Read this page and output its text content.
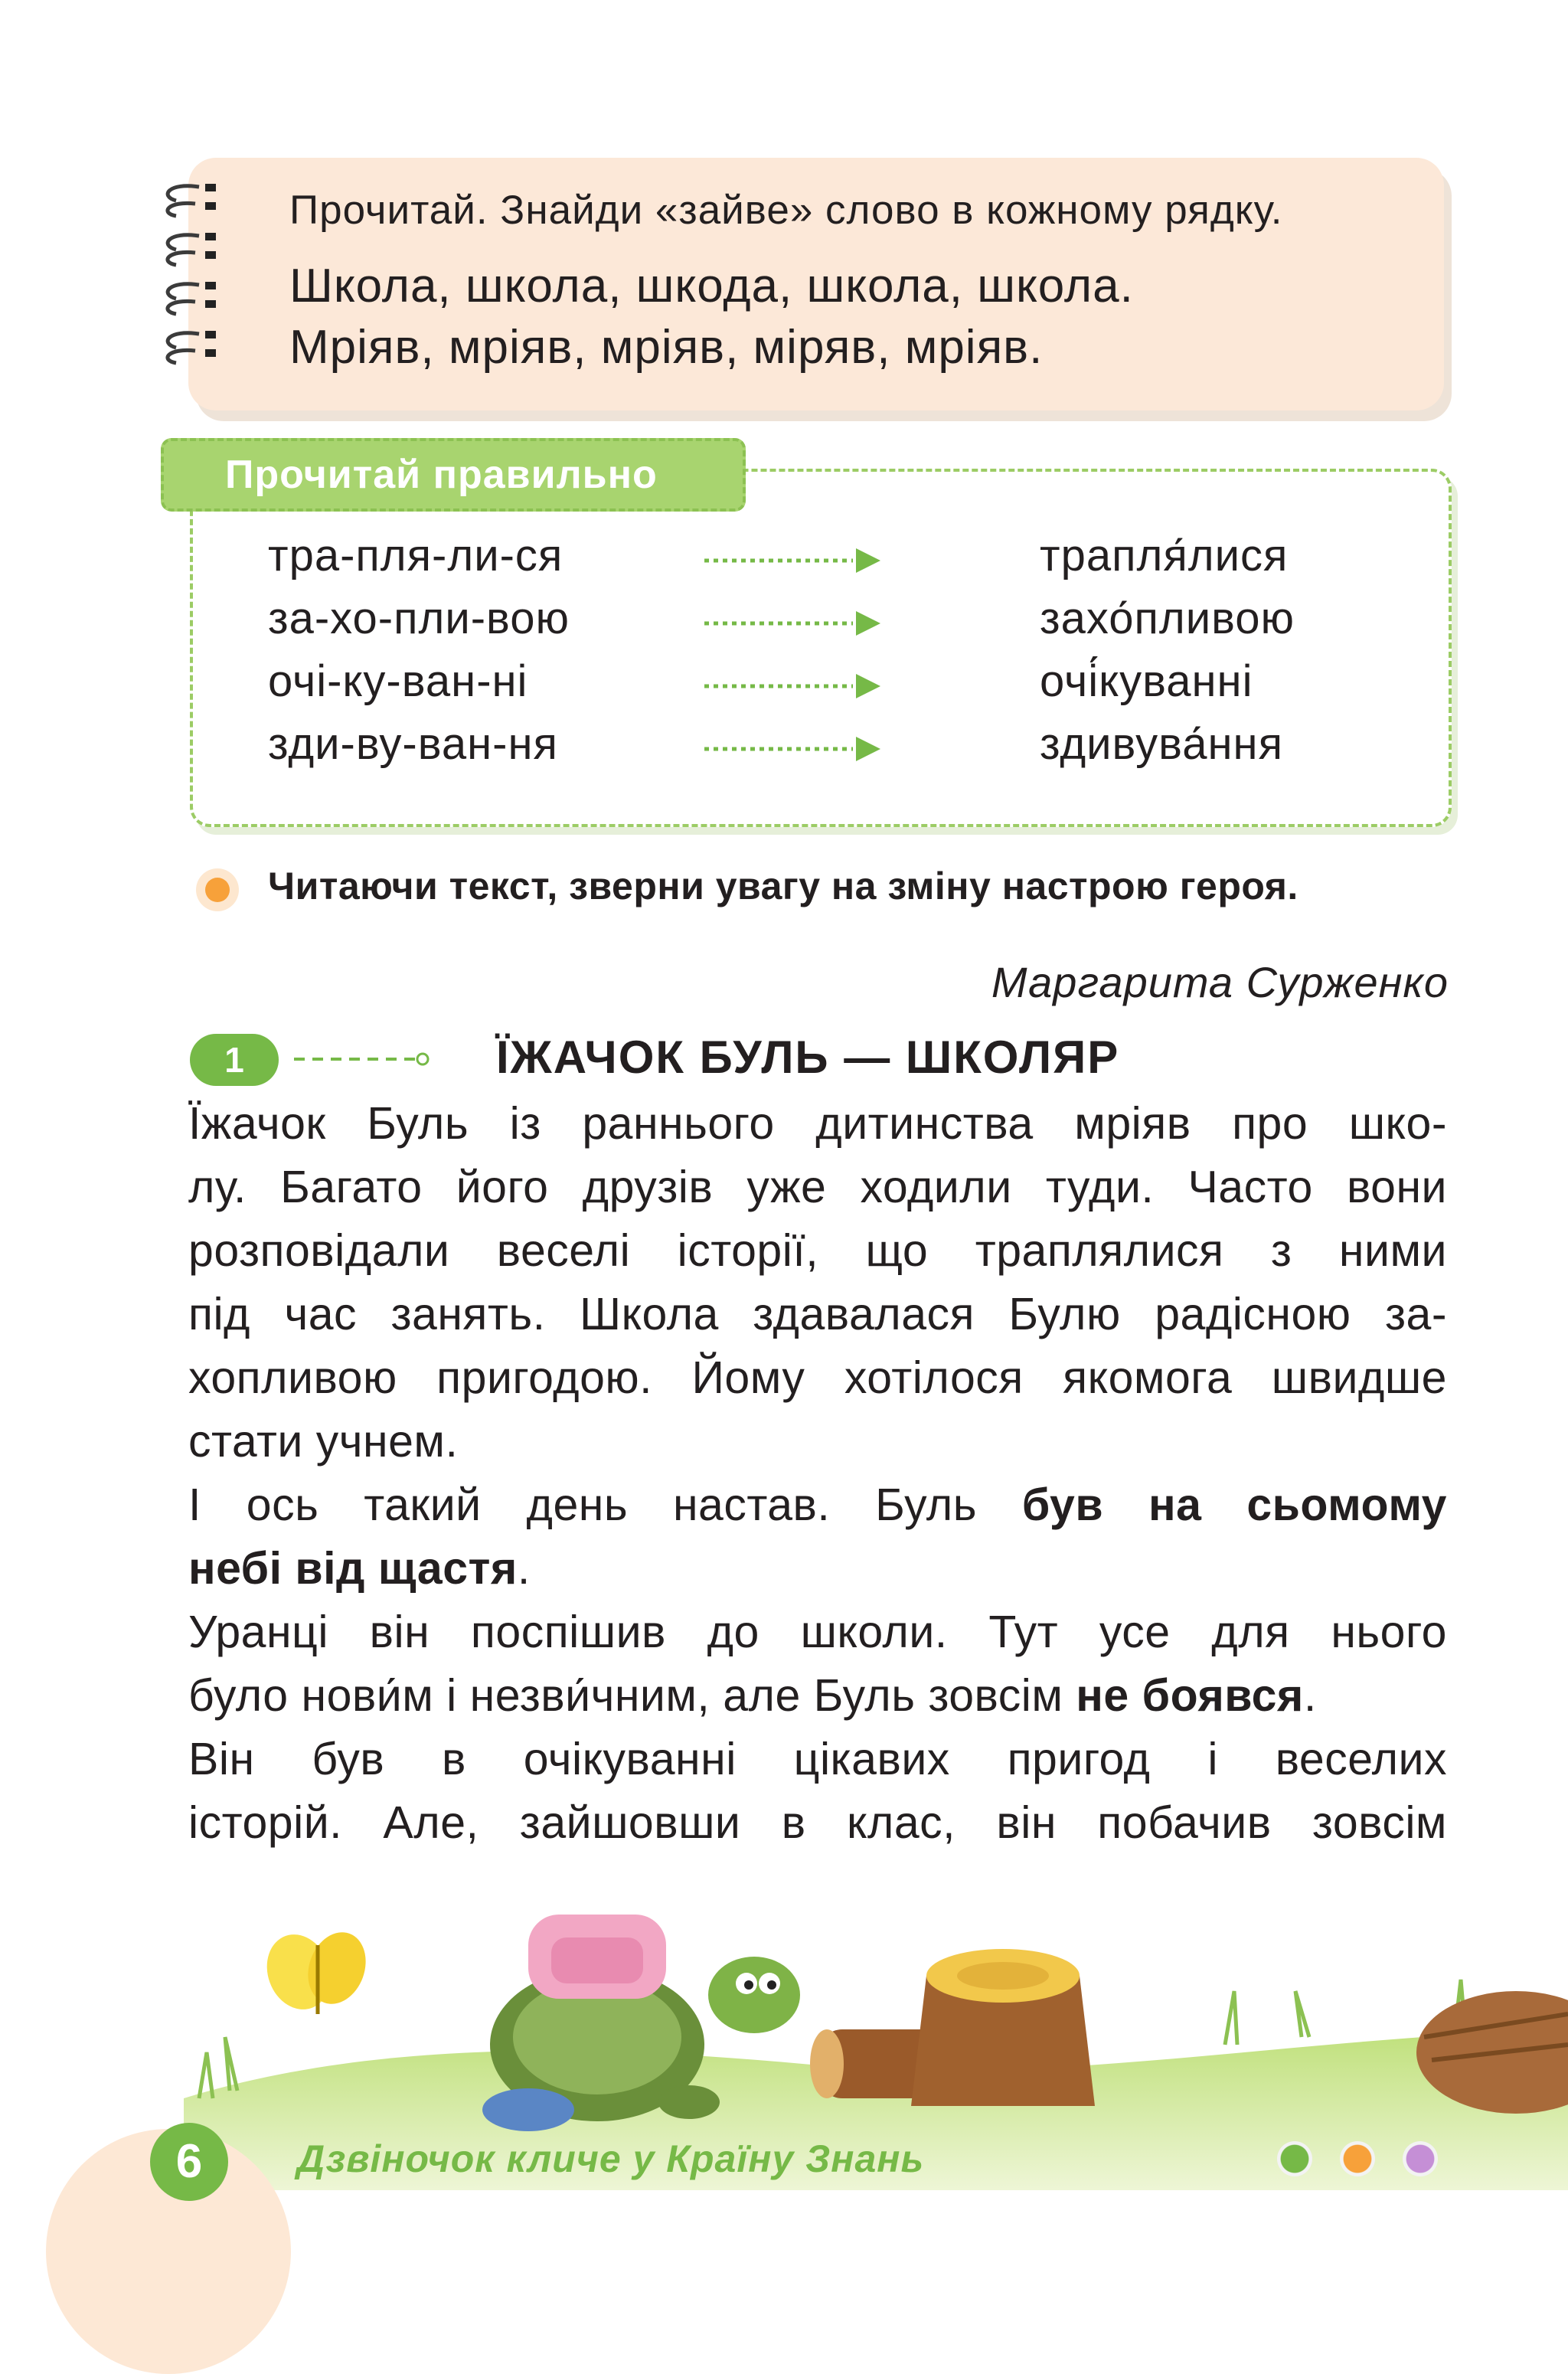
Прочитай. Знайди «зайве» слово в кожному рядку.
Школа, школа, шкода, школа, школа.
Мріяв, мріяв, мріяв, міряв, мріяв.
Прочитай правильно
тра-пля-ли-ся
за-хо-пли-вою
очі-ку-ван-ні
зди-ву-ван-ня
трапля́лися
захо́пливою
очі́куванні
здивува́ння
Читаючи текст, зверни увагу на зміну настрою героя.
Маргарита Сурженко
1	ЇЖАЧОК БУЛЬ — ШКОЛЯР
Їжачок Буль із раннього дитинства мріяв про шко-
лу. Багато його друзів уже ходили туди. Часто вони
розповідали веселі історії, що траплялися з ними
під час занять. Школа здавалася Булю радісною за-
хопливою пригодою. Йому хотілося якомога швидше
стати учнем.
І ось такий день настав. Буль був на сьомому
небі від щастя.
Уранці він поспішив до школи. Тут усе для нього
було нови́м і незви́чним, але Буль зовсім не боявся.
Він був в очікуванні цікавих пригод і веселих
історій. Але, зайшовши в клас, він побачив зовсім
6	Дзвіночок кличе у Країну Знань
